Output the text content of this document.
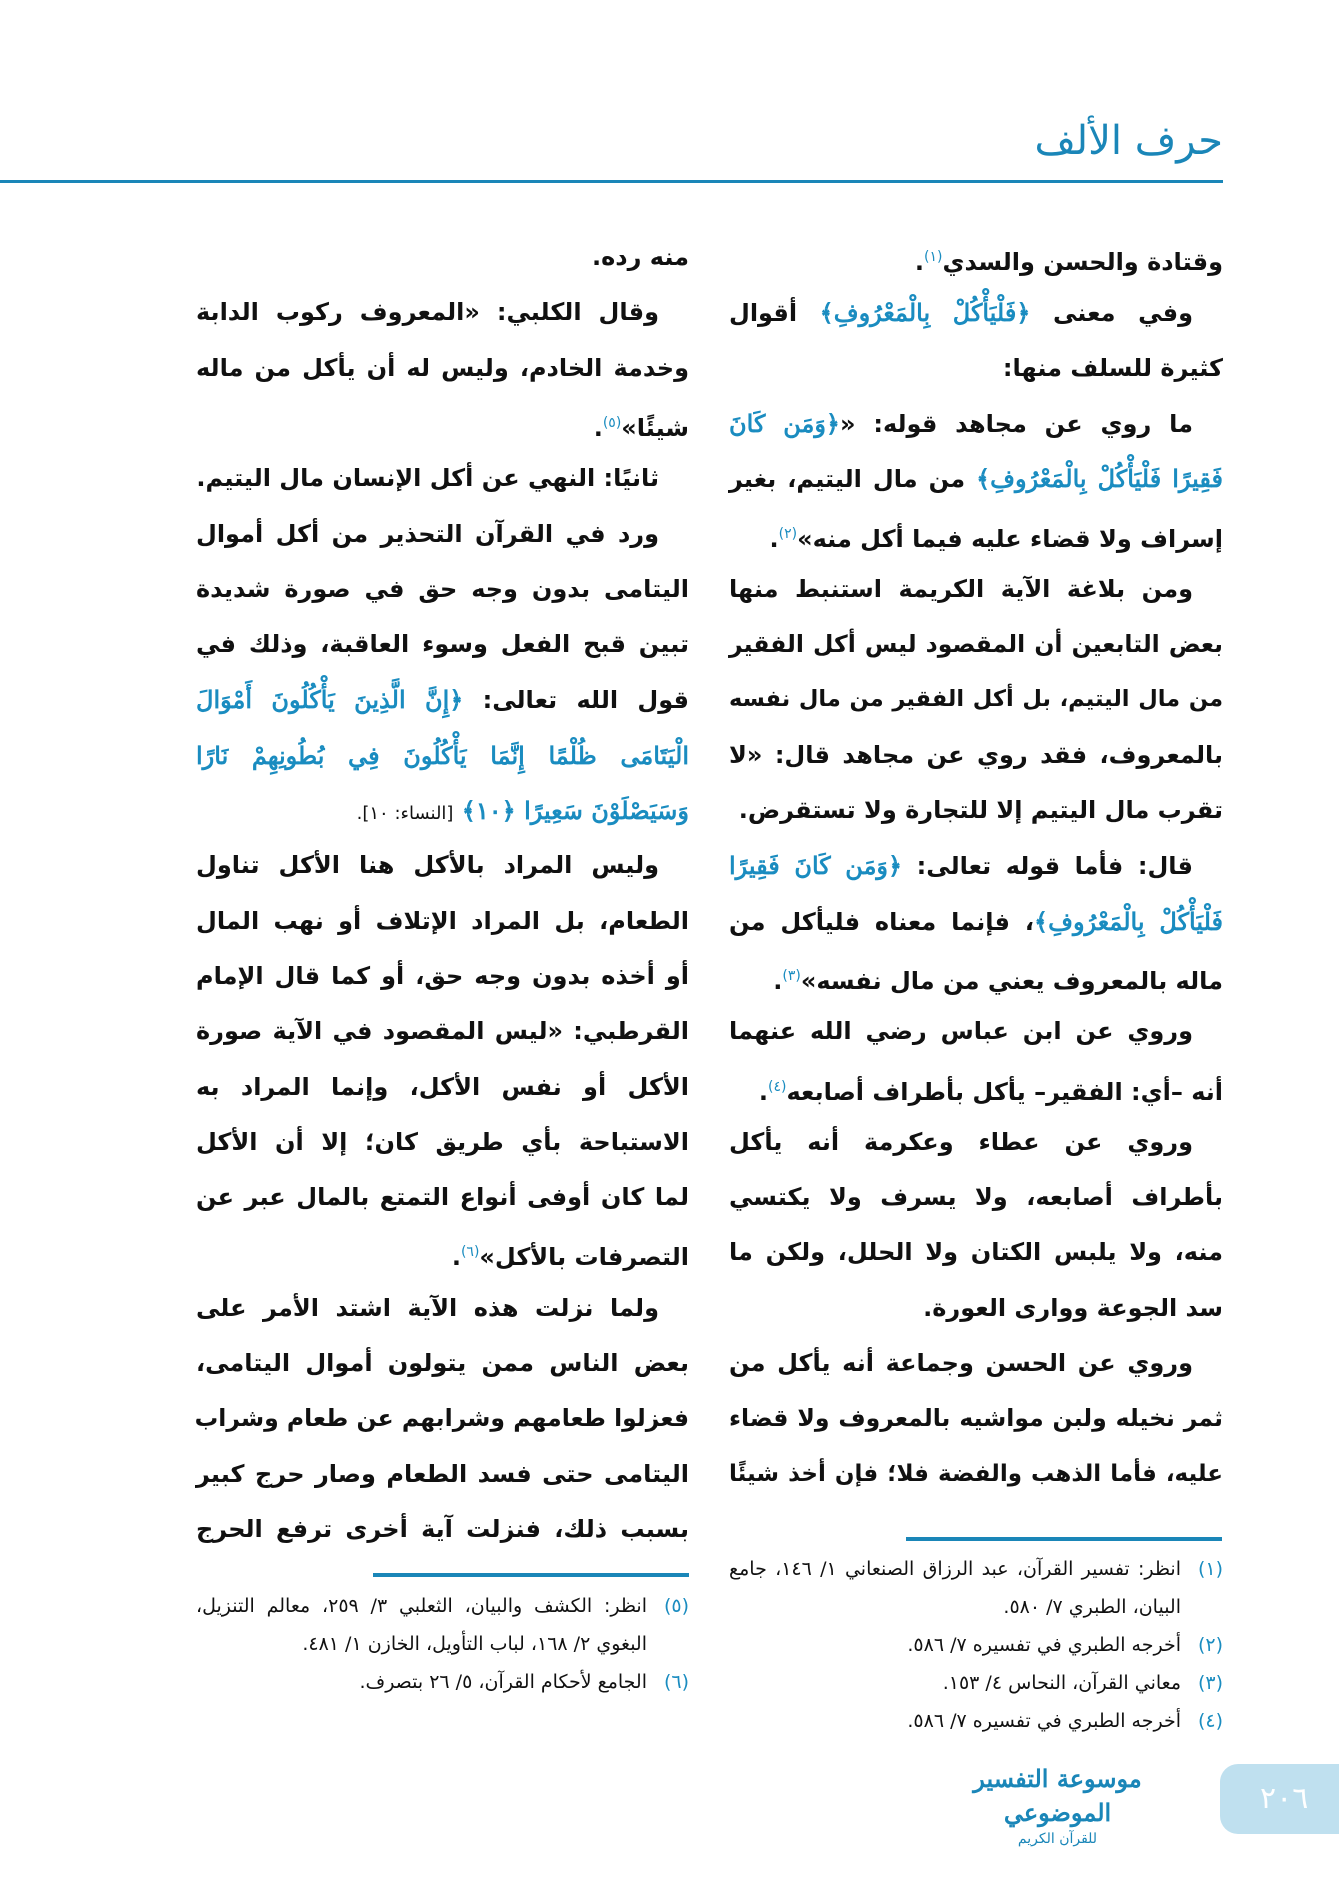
حرف الألف
وقتادة والحسن والسدي$^{(١)}$.
وفي معنى ﴿فَلْيَأْكُلْ بِالْمَعْرُوفِ﴾ أقوال
كثيرة للسلف منها:
ما روي عن مجاهد قوله: «﴿وَمَن كَانَ
فَقِيرًا فَلْيَأْكُلْ بِالْمَعْرُوفِ﴾ من مال اليتيم، بغير
إسراف ولا قضاء عليه فيما أكل منه»$^{(٢)}$.
ومن بلاغة الآية الكريمة استنبط منها
بعض التابعين أن المقصود ليس أكل الفقير
من مال اليتيم، بل أكل الفقير من مال نفسه
بالمعروف، فقد روي عن مجاهد قال: «لا
تقرب مال اليتيم إلا للتجارة ولا تستقرض.
قال: فأما قوله تعالى: ﴿وَمَن كَانَ فَقِيرًا
فَلْيَأْكُلْ بِالْمَعْرُوفِ﴾، فإنما معناه فليأكل من
ماله بالمعروف يعني من مال نفسه»$^{(٣)}$.
وروي عن ابن عباس رضي الله عنهما
أنه –أي: الفقير– يأكل بأطراف أصابعه$^{(٤)}$.
وروي عن عطاء وعكرمة أنه يأكل
بأطراف أصابعه، ولا يسرف ولا يكتسي
منه، ولا يلبس الكتان ولا الحلل، ولكن ما
سد الجوعة ووارى العورة.
وروي عن الحسن وجماعة أنه يأكل من
ثمر نخيله ولبن مواشيه بالمعروف ولا قضاء
عليه، فأما الذهب والفضة فلا؛ فإن أخذ شيئًا
منه رده.
وقال الكلبي: «المعروف ركوب الدابة
وخدمة الخادم، وليس له أن يأكل من ماله
شيئًا»$^{(٥)}$.
ثانيًا: النهي عن أكل الإنسان مال اليتيم.
ورد في القرآن التحذير من أكل أموال
اليتامى بدون وجه حق في صورة شديدة
تبين قبح الفعل وسوء العاقبة، وذلك في
قول الله تعالى: ﴿إِنَّ الَّذِينَ يَأْكُلُونَ أَمْوَالَ
الْيَتَامَى ظُلْمًا إِنَّمَا يَأْكُلُونَ فِي بُطُونِهِمْ نَارًا
وَسَيَصْلَوْنَ سَعِيرًا ﴿١٠﴾ [النساء: ١٠].
وليس المراد بالأكل هنا الأكل تناول
الطعام، بل المراد الإتلاف أو نهب المال
أو أخذه بدون وجه حق، أو كما قال الإمام
القرطبي: «ليس المقصود في الآية صورة
الأكل أو نفس الأكل، وإنما المراد به
الاستباحة بأي طريق كان؛ إلا أن الأكل
لما كان أوفى أنواع التمتع بالمال عبر عن
التصرفات بالأكل»$^{(٦)}$.
ولما نزلت هذه الآية اشتد الأمر على
بعض الناس ممن يتولون أموال اليتامى،
فعزلوا طعامهم وشرابهم عن طعام وشراب
اليتامى حتى فسد الطعام وصار حرج كبير
بسبب ذلك، فنزلت آية أخرى ترفع الحرج
(١)
انظر: تفسير القرآن، عبد الرزاق الصنعاني ١/ ١٤٦، جامع البيان، الطبري ٧/ ٥٨٠.
(٢)
أخرجه الطبري في تفسيره ٧/ ٥٨٦.
(٣)
معاني القرآن، النحاس ٤/ ١٥٣.
(٤)
أخرجه الطبري في تفسيره ٧/ ٥٨٦.
(٥)
انظر: الكشف والبيان، الثعلبي ٣/ ٢٥٩، معالم التنزيل، البغوي ٢/ ١٦٨، لباب التأويل، الخازن ١/ ٤٨١.
(٦)
الجامع لأحكام القرآن، ٥/ ٢٦ بتصرف.
موسوعة التفسير الموضوعي
للقرآن الكريم
٢٠٦
